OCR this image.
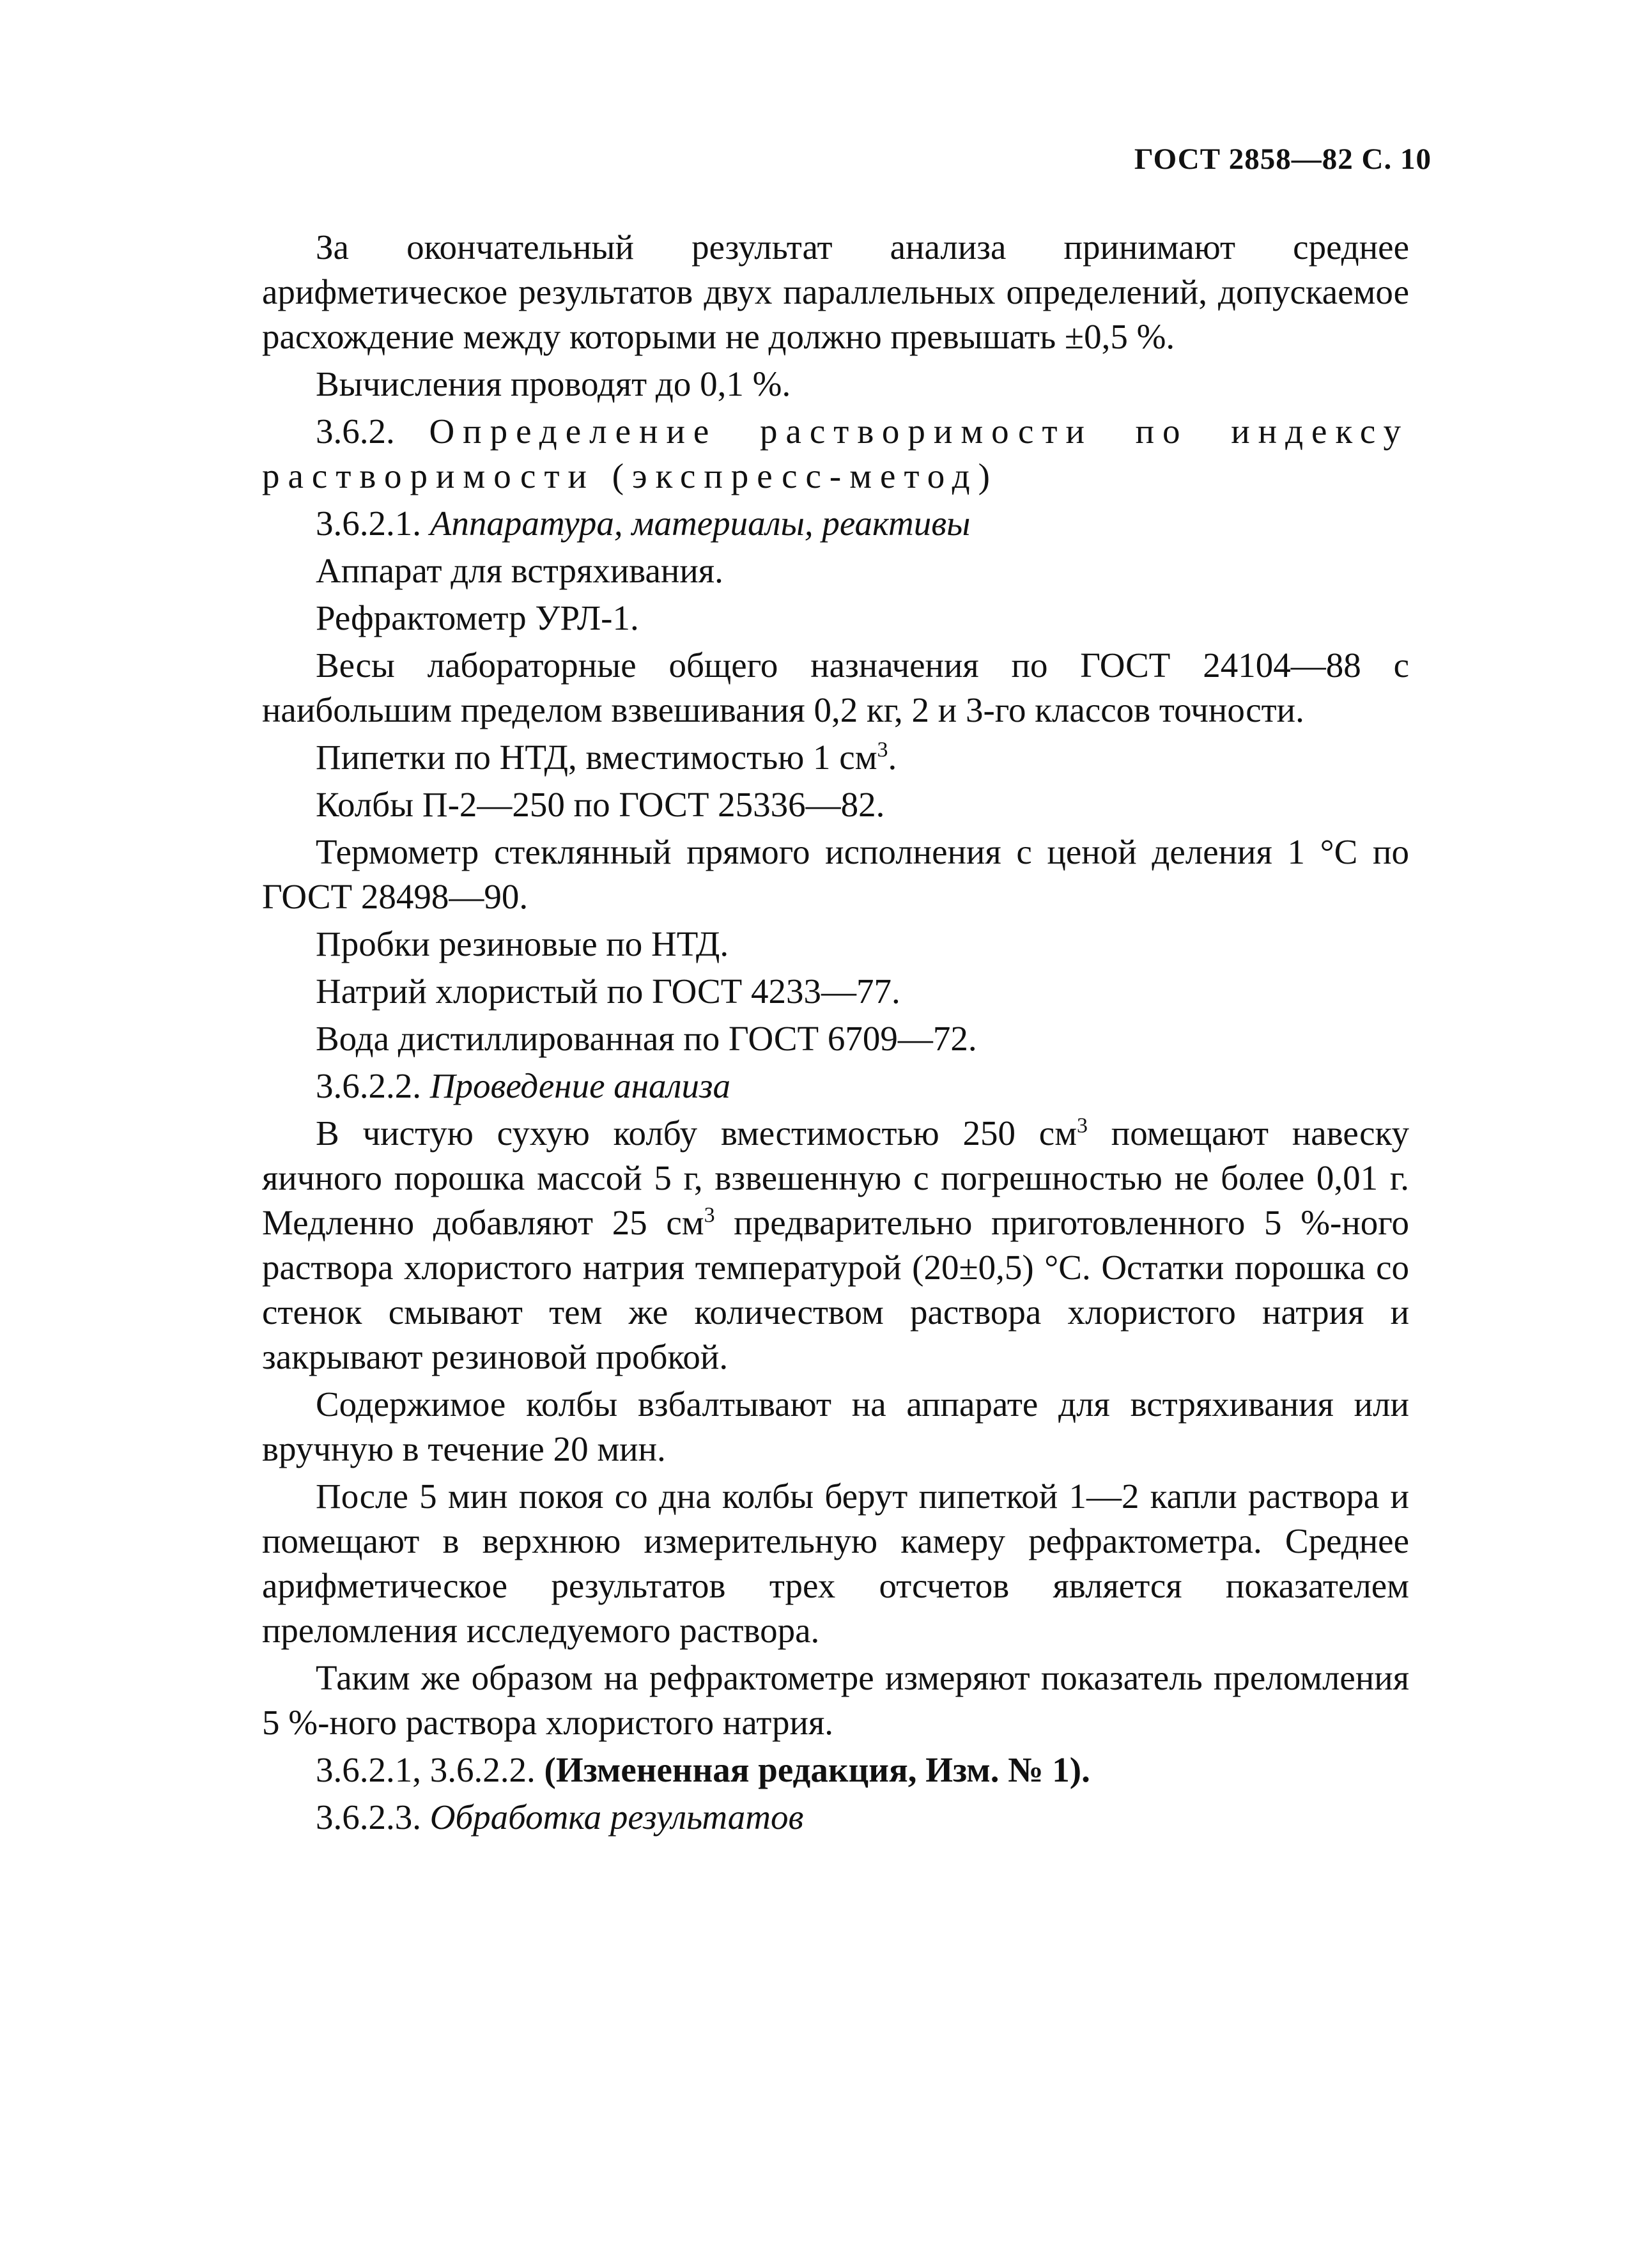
ГОСТ 2858—82 С. 10

За окончательный результат анализа принимают среднее арифметическое результатов двух параллельных определений, допускаемое расхождение между которыми не должно превышать ±0,5 %.

Вычисления проводят до 0,1 %.

3.6.2. Определение растворимости по индексу растворимости (экспресс-метод)

3.6.2.1. Аппаратура, материалы, реактивы

Аппарат для встряхивания.

Рефрактометр УРЛ-1.

Весы лабораторные общего назначения по ГОСТ 24104—88 с наибольшим пределом взвешивания 0,2 кг, 2 и 3-го классов точности.

Пипетки по НТД, вместимостью 1 $см^3$.

Колбы П-2—250 по ГОСТ 25336—82.

Термометр стеклянный прямого исполнения с ценой деления 1 °С по ГОСТ 28498—90.

Пробки резиновые по НТД.

Натрий хлористый по ГОСТ 4233—77.

Вода дистиллированная по ГОСТ 6709—72.

3.6.2.2. Проведение анализа

В чистую сухую колбу вместимостью 250 $см^3$ помещают навеску яичного порошка массой 5 г, взвешенную с погрешностью не более 0,01 г. Медленно добавляют 25 $см^3$ предварительно приготовленного 5 %-ного раствора хлористого натрия температурой (20±0,5) °С. Остатки порошка со стенок смывают тем же количеством раствора хлористого натрия и закрывают резиновой пробкой.

Содержимое колбы взбалтывают на аппарате для встряхивания или вручную в течение 20 мин.

После 5 мин покоя со дна колбы берут пипеткой 1—2 капли раствора и помещают в верхнюю измерительную камеру рефрактометра. Среднее арифметическое результатов трех отсчетов является показателем преломления исследуемого раствора.

Таким же образом на рефрактометре измеряют показатель преломления 5 %-ного раствора хлористого натрия.

3.6.2.1, 3.6.2.2. (Измененная редакция, Изм. № 1).

3.6.2.3. Обработка результатов
